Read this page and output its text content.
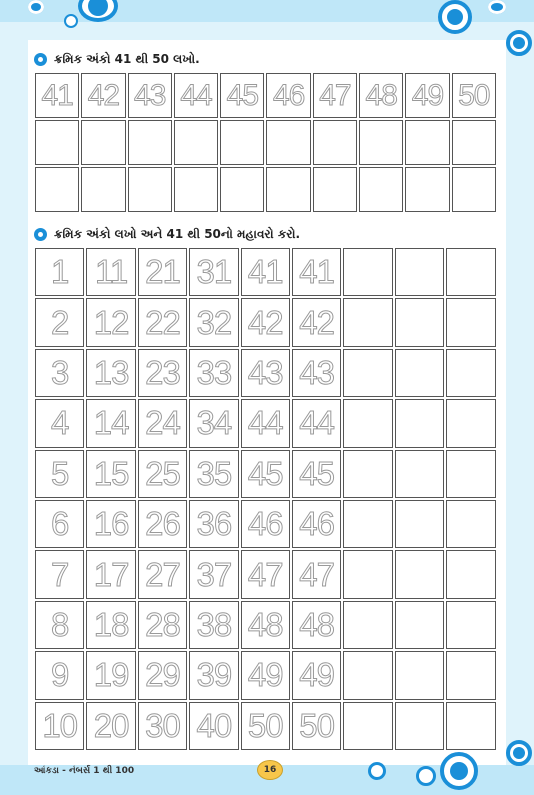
ક્રમિક અંકો 41 થી 50 લખો.
41 42 43 44 45 46 47 48 49 50
ક્રમિક અંકો લખો અને 41 થી 50નો મહાવરો કરો.
1 11 21 31 41 41
2 12 22 32 42 42
3 13 23 33 43 43
4 14 24 34 44 44
5 15 25 35 45 45
6 16 26 36 46 46
7 17 27 37 47 47
8 18 28 38 48 48
9 19 29 39 49 49
10 20 30 40 50 50
આંકડા - નંબર્સ 1 થી 100	16
